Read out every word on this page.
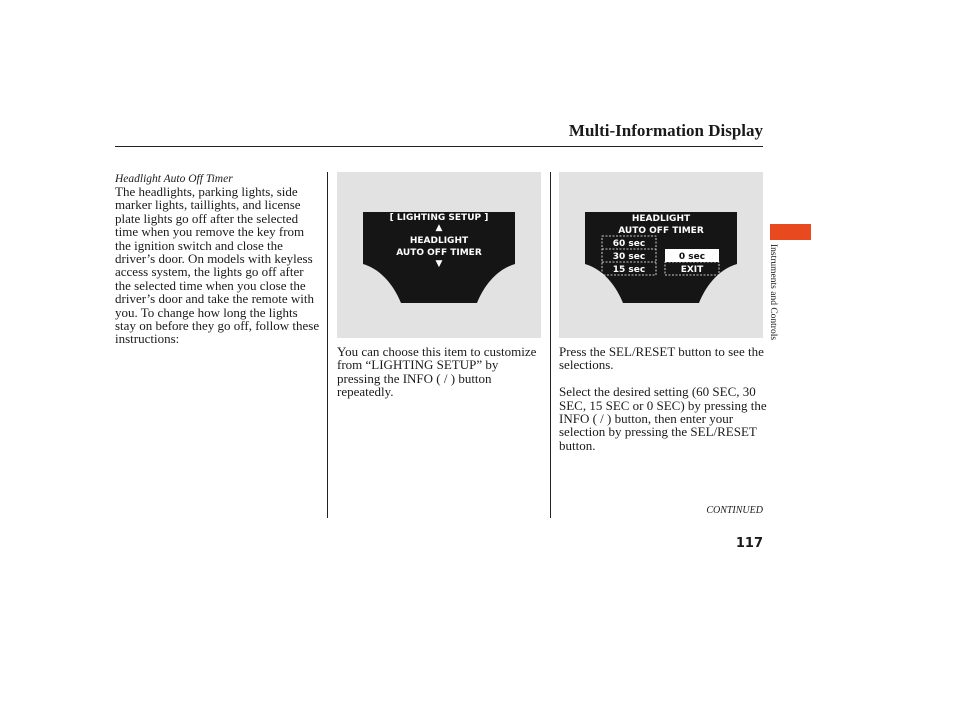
Multi-Information Display
Headlight Auto Off Timer
The headlights, parking lights, side marker lights, taillights, and license plate lights go off after the selected time when you remove the key from the ignition switch and close the driver’s door. On models with keyless access system, the lights go off after the selected time when you close the driver’s door and take the remote with you. To change how long the lights stay on before they go off, follow these instructions:
[ LIGHTING SETUP ]
▲
HEADLIGHT
AUTO OFF TIMER
▼
HEADLIGHT
AUTO OFF TIMER
60 sec
30 sec
15 sec
0 sec
EXIT
You can choose this item to customize from “LIGHTING SETUP” by pressing the INFO ( / ) button repeatedly.

Press the SEL/RESET button to see the selections.

Select the desired setting (60 SEC, 30 SEC, 15 SEC or 0 SEC) by pressing the INFO ( / ) button, then enter your selection by pressing the SEL/RESET button.

Instruments and Controls
CONTINUED
117
